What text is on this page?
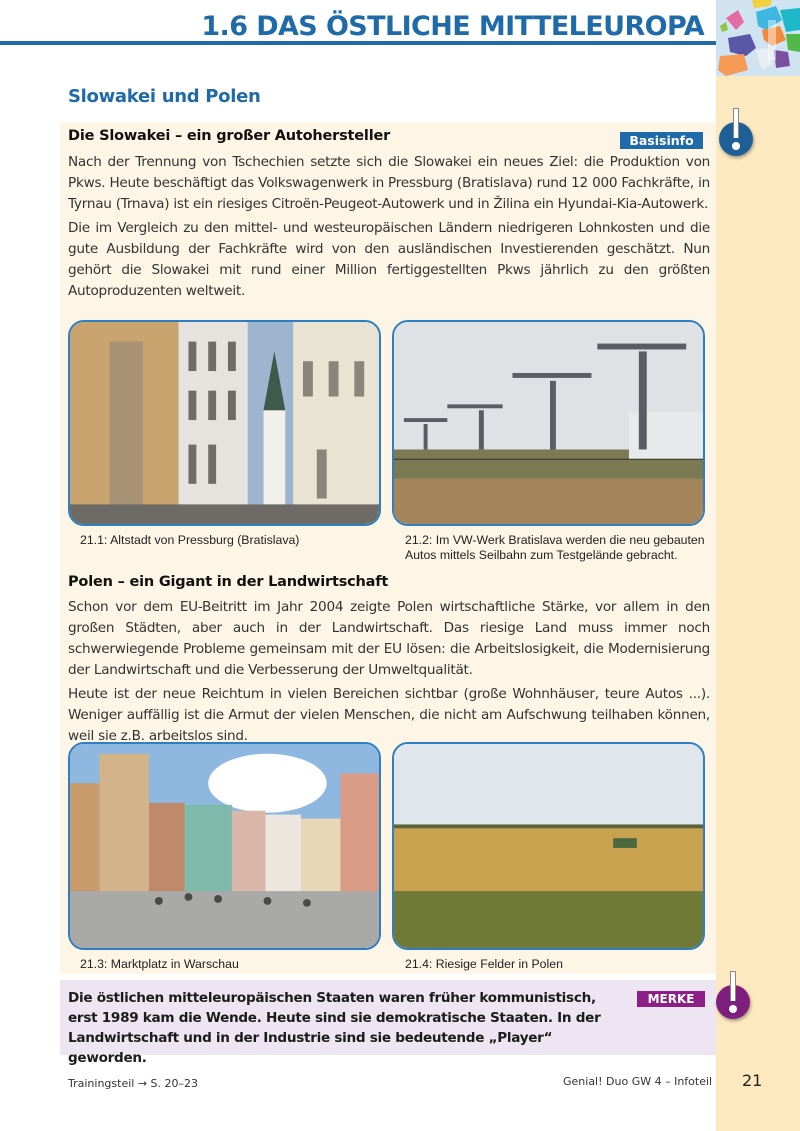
1.6 DAS ÖSTLICHE MITTELEUROPA
Slowakei und Polen
Die Slowakei – ein großer Autohersteller	Basisinfo

Nach der Trennung von Tschechien setzte sich die Slowakei ein neues Ziel: die Produktion von Pkws. Heute beschäftigt das Volkswagenwerk in Pressburg (Bratislava) rund 12 000 Fachkräfte, in Tyrnau (Trnava) ist ein riesiges Citroën-Peugeot-Autowerk und in Žilina ein Hyundai-Kia-Autowerk.

Die im Vergleich zu den mittel- und westeuropäischen Ländern niedrigeren Lohnkosten und die gute Ausbildung der Fachkräfte wird von den ausländischen Investierenden geschätzt. Nun gehört die Slowakei mit rund einer Million fertiggestellten Pkws jährlich zu den größten Autoproduzenten weltweit.

21.1: Altstadt von Pressburg (Bratislava)	21.2: Im VW-Werk Bratislava werden die neu gebauten Autos mittels Seilbahn zum Testgelände gebracht.

Polen – ein Gigant in der Landwirtschaft

Schon vor dem EU-Beitritt im Jahr 2004 zeigte Polen wirtschaftliche Stärke, vor allem in den großen Städten, aber auch in der Landwirtschaft. Das riesige Land muss immer noch schwerwiegende Probleme gemeinsam mit der EU lösen: die Arbeitslosigkeit, die Modernisierung der Landwirtschaft und die Verbesserung der Umweltqualität.

Heute ist der neue Reichtum in vielen Bereichen sichtbar (große Wohnhäuser, teure Autos ...). Weniger auffällig ist die Armut der vielen Menschen, die nicht am Aufschwung teilhaben können, weil sie z.B. arbeitslos sind.

21.3: Marktplatz in Warschau	21.4: Riesige Felder in Polen

Die östlichen mitteleuropäischen Staaten waren früher kommunistisch, erst 1989 kam die Wende. Heute sind sie demokratische Staaten. In der Landwirtschaft und in der Industrie sind sie bedeutende „Player“ geworden.

MERKE
Trainingsteil → S. 20–23	Genial! Duo GW 4 – Infoteil 21
